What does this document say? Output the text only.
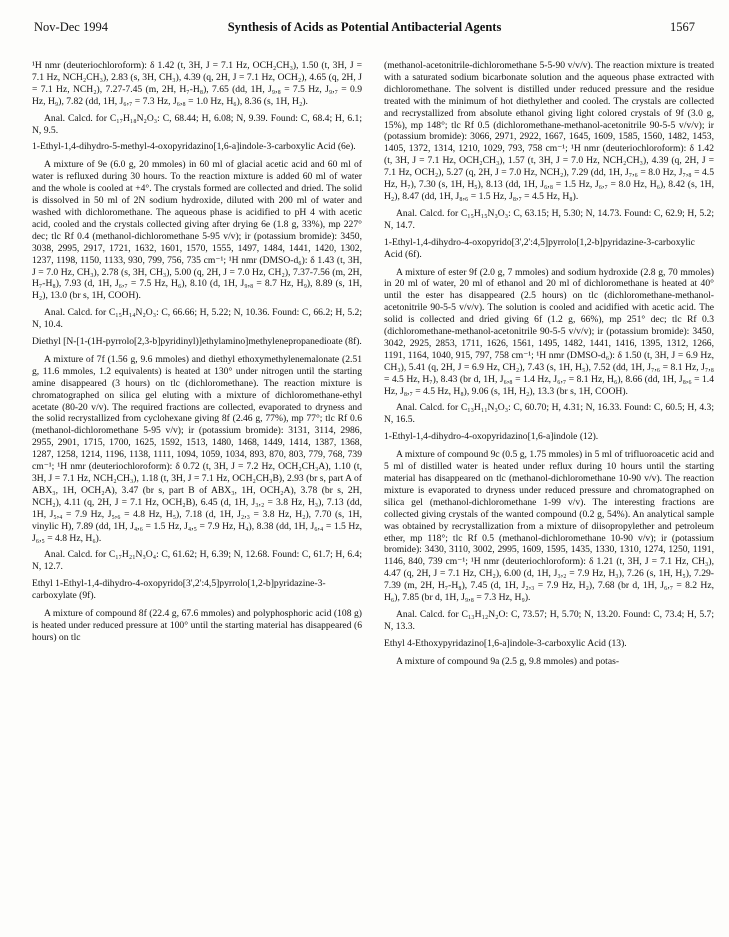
Nov-Dec 1994	Synthesis of Acids as Potential Antibacterial Agents	1567

¹H nmr (deuteriochloroform): δ 1.42 (t, 3H, J = 7.1 Hz, OCH₂CH₃), 1.50 (t, 3H, J = 7.1 Hz, NCH₂CH₃), 2.83 (s, 3H, CH₃), 4.39 (q, 2H, J = 7.1 Hz, OCH₂), 4.65 (q, 2H, J = 7.1 Hz, NCH₂), 7.27-7.45 (m, 2H, H₇-H₈), 7.65 (dd, 1H, J₉,₈ = 7.5 Hz, J₉,₇ = 0.9 Hz, H₉), 7.82 (dd, 1H, J₆,₇ = 7.3 Hz, J₆,₈ = 1.0 Hz, H₆), 8.36 (s, 1H, H₂).

Anal. Calcd. for C₁₇H₁₈N₂O₃: C, 68.44; H, 6.08; N, 9.39. Found: C, 68.4; H, 6.1; N, 9.5.

1-Ethyl-1,4-dihydro-5-methyl-4-oxopyridazino[1,6-a]indole-3-carboxylic Acid (6e).

A mixture of 9e (6.0 g, 20 mmoles) in 60 ml of glacial acetic acid and 60 ml of water is refluxed during 30 hours. To the reaction mixture is added 60 ml of water and the whole is cooled at +4°. The crystals formed are collected and dried. The solid is dissolved in 50 ml of 2N sodium hydroxide, diluted with 200 ml of water and washed with dichloromethane. The aqueous phase is acidified to pH 4 with acetic acid, cooled and the crystals collected giving after drying 6e (1.8 g, 33%), mp 227° dec; tlc Rf 0.4 (methanol-dichloromethane 5-95 v/v); ir (potassium bromide): 3450, 3038, 2995, 2917, 1721, 1632, 1601, 1570, 1555, 1497, 1484, 1441, 1420, 1302, 1237, 1198, 1150, 1133, 930, 799, 756, 735 cm⁻¹; ¹H nmr (DMSO-d₆): δ 1.43 (t, 3H, J = 7.0 Hz, CH₃), 2.78 (s, 3H, CH₃), 5.00 (q, 2H, J = 7.0 Hz, CH₂), 7.37-7.56 (m, 2H, H₇-H₈), 7.93 (d, 1H, J₆,₇ = 7.5 Hz, H₆), 8.10 (d, 1H, J₉,₈ = 8.7 Hz, H₉), 8.89 (s, 1H, H₂), 13.0 (br s, 1H, COOH).

Anal. Calcd. for C₁₅H₁₄N₂O₃: C, 66.66; H, 5.22; N, 10.36. Found: C, 66.2; H, 5.2; N, 10.4.

Diethyl [N-[1-(1H-pyrrolo[2,3-b]pyridinyl)]ethylamino]methylenepropanedioate (8f).

A mixture of 7f (1.56 g, 9.6 mmoles) and diethyl ethoxymethylenemalonate (2.51 g, 11.6 mmoles, 1.2 equivalents) is heated at 130° under nitrogen until the starting amine disappeared (3 hours) on tlc (dichloromethane). The reaction mixture is chromatographed on silica gel eluting with a mixture of dichloromethane-ethyl acetate (80-20 v/v). The required fractions are collected, evaporated to dryness and the solid recrystallized from cyclohexane giving 8f (2.46 g, 77%), mp 77°; tlc Rf 0.6 (methanol-dichloromethane 5-95 v/v); ir (potassium bromide): 3131, 3114, 2986, 2955, 2901, 1715, 1700, 1625, 1592, 1513, 1480, 1468, 1449, 1414, 1387, 1368, 1287, 1258, 1214, 1196, 1138, 1111, 1094, 1059, 1034, 893, 870, 803, 779, 768, 739 cm⁻¹; ¹H nmr (deuteriochloroform): δ 0.72 (t, 3H, J = 7.2 Hz, OCH₂CH₃A), 1.10 (t, 3H, J = 7.1 Hz, NCH₂CH₃), 1.18 (t, 3H, J = 7.1 Hz, OCH₂CH₃B), 2.93 (br s, part A of ABX₃, 1H, OCH₂A), 3.47 (br s, part B of ABX₃, 1H, OCH₂A), 3.78 (br s, 2H, NCH₂), 4.11 (q, 2H, J = 7.1 Hz, OCH₂B), 6.45 (d, 1H, J₃,₂ = 3.8 Hz, H₃), 7.13 (dd, 1H, J₅,₄ = 7.9 Hz, J₅,₆ = 4.8 Hz, H₅), 7.18 (d, 1H, J₂,₃ = 3.8 Hz, H₂), 7.70 (s, 1H, vinylic H), 7.89 (dd, 1H, J₄,₆ = 1.5 Hz, J₄,₅ = 7.9 Hz, H₄), 8.38 (dd, 1H, J₆,₄ = 1.5 Hz, J₆,₅ = 4.8 Hz, H₆).

Anal. Calcd. for C₁₇H₂₁N₃O₄: C, 61.62; H, 6.39; N, 12.68. Found: C, 61.7; H, 6.4; N, 12.7.

Ethyl 1-Ethyl-1,4-dihydro-4-oxopyrido[3',2':4,5]pyrrolo[1,2-b]pyridazine-3-carboxylate (9f).

A mixture of compound 8f (22.4 g, 67.6 mmoles) and polyphosphoric acid (108 g) is heated under reduced pressure at 100° until the starting material has disappeared (6 hours) on tlc

(methanol-acetonitrile-dichloromethane 5-5-90 v/v/v). The reaction mixture is treated with a saturated sodium bicarbonate solution and the aqueous phase extracted with dichloromethane. The solvent is distilled under reduced pressure and the residue treated with the minimum of hot diethylether and cooled. The crystals are collected and recrystallized from absolute ethanol giving light colored crystals of 9f (3.0 g, 15%), mp 148°; tlc Rf 0.5 (dichloromethane-methanol-acetonitrile 90-5-5 v/v/v); ir (potassium bromide): 3066, 2971, 2922, 1667, 1645, 1609, 1585, 1560, 1482, 1453, 1405, 1372, 1314, 1210, 1029, 793, 758 cm⁻¹; ¹H nmr (deuteriochloroform): δ 1.42 (t, 3H, J = 7.1 Hz, OCH₂CH₃), 1.57 (t, 3H, J = 7.0 Hz, NCH₂CH₃), 4.39 (q, 2H, J = 7.1 Hz, OCH₂), 5.27 (q, 2H, J = 7.0 Hz, NCH₂), 7.29 (dd, 1H, J₇,₆ = 8.0 Hz, J₇,₈ = 4.5 Hz, H₇), 7.30 (s, 1H, H₅), 8.13 (dd, 1H, J₆,₈ = 1.5 Hz, J₆,₇ = 8.0 Hz, H₆), 8.42 (s, 1H, H₂), 8.47 (dd, 1H, J₈,₆ = 1.5 Hz, J₈,₇ = 4.5 Hz, H₈).

Anal. Calcd. for C₁₅H₁₅N₃O₃: C, 63.15; H, 5.30; N, 14.73. Found: C, 62.9; H, 5.2; N, 14.7.

1-Ethyl-1,4-dihydro-4-oxopyrido[3',2':4,5]pyrrolo[1,2-b]pyridazine-3-carboxylic Acid (6f).

A mixture of ester 9f (2.0 g, 7 mmoles) and sodium hydroxide (2.8 g, 70 mmoles) in 20 ml of water, 20 ml of ethanol and 20 ml of dichloromethane is heated at 40° until the ester has disappeared (2.5 hours) on tlc (dichloromethane-methanol-acetonitrile 90-5-5 v/v/v). The solution is cooled and acidified with acetic acid. The solid is collected and dried giving 6f (1.2 g, 66%), mp 251° dec; tlc Rf 0.3 (dichloromethane-methanol-acetonitrile 90-5-5 v/v/v); ir (potassium bromide): 3450, 3042, 2925, 2853, 1711, 1626, 1561, 1495, 1482, 1441, 1416, 1395, 1312, 1266, 1191, 1164, 1040, 915, 797, 758 cm⁻¹; ¹H nmr (DMSO-d₆): δ 1.50 (t, 3H, J = 6.9 Hz, CH₃), 5.41 (q, 2H, J = 6.9 Hz, CH₂), 7.43 (s, 1H, H₅), 7.52 (dd, 1H, J₇,₆ = 8.1 Hz, J₇,₈ = 4.5 Hz, H₇), 8.43 (br d, 1H, J₆,₈ = 1.4 Hz, J₆,₇ = 8.1 Hz, H₆), 8.66 (dd, 1H, J₈,₆ = 1.4 Hz, J₈,₇ = 4.5 Hz, H₈), 9.06 (s, 1H, H₂), 13.3 (br s, 1H, COOH).

Anal. Calcd. for C₁₃H₁₁N₃O₃: C, 60.70; H, 4.31; N, 16.33. Found: C, 60.5; H, 4.3; N, 16.5.

1-Ethyl-1,4-dihydro-4-oxopyridazino[1,6-a]indole (12).

A mixture of compound 9c (0.5 g, 1.75 mmoles) in 5 ml of trifluoroacetic acid and 5 ml of distilled water is heated under reflux during 10 hours until the starting material has disappeared on tlc (methanol-dichloromethane 10-90 v/v). The reaction mixture is evaporated to dryness under reduced pressure and chromatographed on silica gel (methanol-dichloromethane 1-99 v/v). The interesting fractions are collected giving crystals of the wanted compound (0.2 g, 54%). An analytical sample was obtained by recrystallization from a mixture of diisopropylether and petroleum ether, mp 118°; tlc Rf 0.5 (methanol-dichloromethane 10-90 v/v); ir (potassium bromide): 3430, 3110, 3002, 2995, 1609, 1595, 1435, 1330, 1310, 1274, 1250, 1191, 1146, 840, 739 cm⁻¹; ¹H nmr (deuteriochloroform): δ 1.21 (t, 3H, J = 7.1 Hz, CH₃), 4.47 (q, 2H, J = 7.1 Hz, CH₂), 6.00 (d, 1H, J₃,₂ = 7.9 Hz, H₃), 7.26 (s, 1H, H₅), 7.29-7.39 (m, 2H, H₇-H₈), 7.45 (d, 1H, J₂,₃ = 7.9 Hz, H₂), 7.68 (br d, 1H, J₆,₇ = 8.2 Hz, H₆), 7.85 (br d, 1H, J₉,₈ = 7.3 Hz, H₉).

Anal. Calcd. for C₁₃H₁₂N₂O: C, 73.57; H, 5.70; N, 13.20. Found: C, 73.4; H, 5.7; N, 13.3.

Ethyl 4-Ethoxypyridazino[1,6-a]indole-3-carboxylic Acid (13).

A mixture of compound 9a (2.5 g, 9.8 mmoles) and potas-
